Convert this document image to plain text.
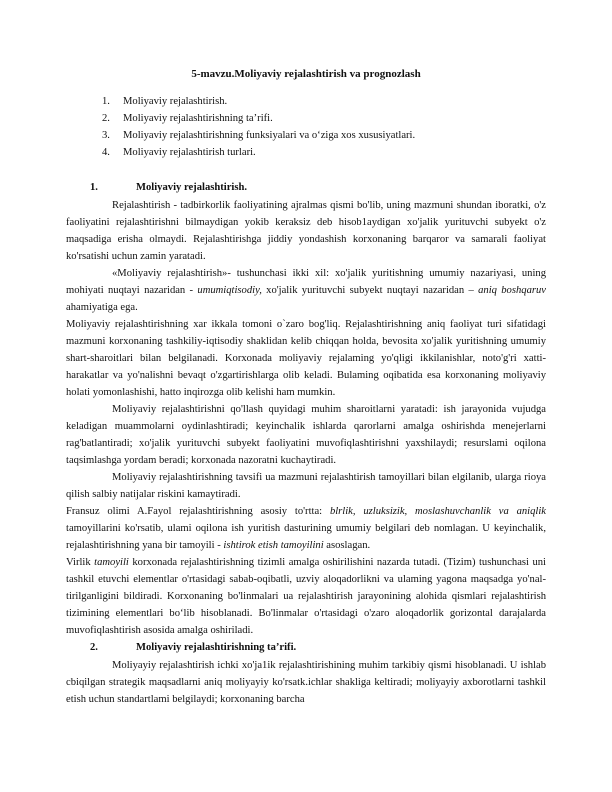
5-mavzu.Moliyaviy rejalashtirish va prognozlash
1. Moliyaviy rejalashtirish.
2. Moliyaviy rejalashtirishning ta’rifi.
3. Moliyaviy rejalashtirishning funksiyalari va o‘ziga xos xususiyatlari.
4. Moliyaviy rejalashtirish turlari.
1.	Moliyaviy rejalashtirish.

Rejalashtirish - tadbirkorlik faoliyatining ajralmas qismi bo'lib, uning mazmuni shundan iboratki, o'z faoliyatini rejalashtirishni bilmaydigan yokib keraksiz deb hisob1aydigan xo'jalik yurituvchi subyekt o'z maqsadiga erisha olmaydi. Rejalashtirishga jiddiy yondashish korxonaning barqaror va samarali faoliyat ko'rsatishi uchun zamin yaratadi.

«Moliyaviy rejalashtirish»- tushunchasi ikki xil: xo'jalik yuritishning umumiy nazariyasi, uning mohiyati nuqtayi nazaridan - umumiqtisodiy, xo'jalik yurituvchi subyekt nuqtayi nazaridan – aniq boshqaruv ahamiyatiga ega.

Moliyaviy rejalashtirishning xar ikkala tomoni o`zaro bog'liq. Rejalashtirishning aniq faoliyat turi sifatidagi mazmuni korxonaning tashkiliy-iqtisodiy shaklidan kelib chiqqan holda, bevosita xo'jalik yuritishning umumiy shart-sharoitlari bilan belgilanadi. Korxonada moliyaviy rejalaming yo'qligi ikkilanishlar, noto'g'ri xatti-harakatlar va yo'nalishni bevaqt o'zgartirishlarga olib keladi. Bulaming oqibatida esa korxonaning moliyaviy holati yomonlashishi, hatto inqirozga olib kelishi ham mumkin.

Moliyaviy rejalashtirishni qo'llash quyidagi muhim sharoitlarni yaratadi: ish jarayonida vujudga keladigan muammolarni oydinlashtiradi; keyinchalik ishlarda qarorlarni amalga oshirishda menejerlarni rag'batlantiradi; xo'jalik yurituvchi subyekt faoliyatini muvofiqlashtirishni yaxshilaydi; resurslami oqilona taqsimlashga yordam beradi; korxonada nazoratni kuchaytiradi.

Moliyaviy rejalashtirishning tavsifi ua mazmuni rejalashtirish tamoyillari bilan elgilanib, ularga rioya qilish salbiy natijalar riskini kamaytiradi.

Fransuz olimi A.Fayol rejalashtirishning asosiy to'rtta: blrlik, uzluksizik, moslashuvchanlik va aniqlik tamoyillarini ko'rsatib, ulami oqilona ish yuritish dasturining umumiy belgilari deb nomlagan. U keyinchalik, rejalashtirishning yana bir tamoyili - ishtirok etish tamoyilini asoslagan.

Virlik tamoyili korxonada rejalashtirishning tizimli amalga oshirilishini nazarda tutadi. (Tizim) tushunchasi uni tashkil etuvchi elementlar o'rtasidagi sabab-oqibatli, uzviy aloqadorlikni va ulaming yagona maqsadga yo'nal-tirilganligini bildiradi. Korxonaning bo'linmalari ua rejalashtirish jarayonining alohida qismlari rejalashtirish tizimining elementlari bo‘lib hisoblanadi. Bo'linmalar o'rtasidagi o'zaro aloqadorlik gorizontal darajalarda muvofiqlashtirish asosida amalga oshiriladi.

2.	Moliyaviy rejalashtirishning ta’rifi.

Moliyayiy rejalashtirish ichki xo'ja1ik rejalashtirishining muhim tarkibiy qismi hisoblanadi. U ishlab cbiqilgan strategik maqsadlarni aniq moliyayiy ko'rsatk.ichlar shakliga keltiradi; moliyayiy axborotlarni tashkil etish uchun standartlami belgilaydi; korxonaning barcha
